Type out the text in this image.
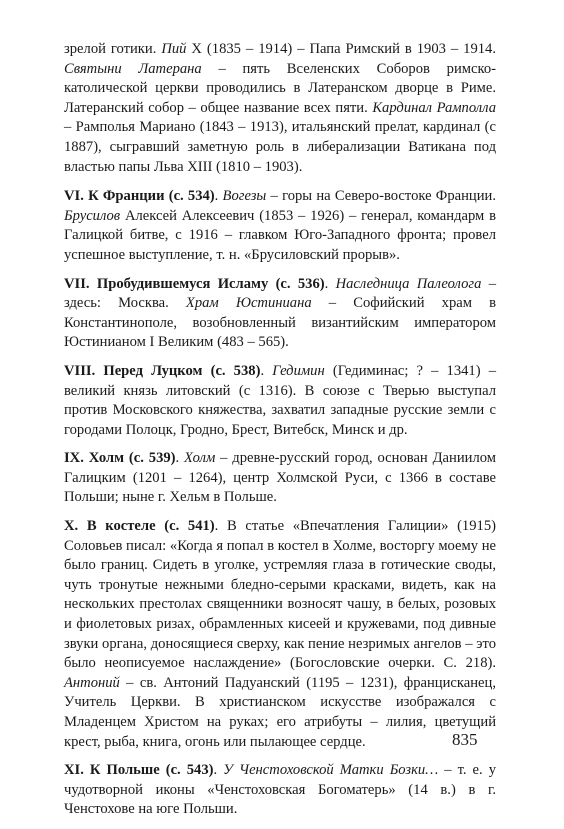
зрелой готики. Пий X (1835 – 1914) – Папа Римский в 1903 – 1914. Святыни Латерана – пять Вселенских Соборов римско-католической церкви проводились в Латеранском дворце в Риме. Латеранский собор – общее название всех пяти. Кардинал Рамполла – Рамполья Мариано (1843 – 1913), итальянский прелат, кардинал (с 1887), сыгравший заметную роль в либерализации Ватикана под властью папы Льва XIII (1810 – 1903).

VI. К Франции (с. 534). Вогезы – горы на Северо-востоке Франции. Брусилов Алексей Алексеевич (1853 – 1926) – генерал, командарм в Галицкой битве, с 1916 – главком Юго-Западного фронта; провел успешное выступление, т. н. «Брусиловский прорыв».

VII. Пробудившемуся Исламу (с. 536). Наследница Палеолога – здесь: Москва. Храм Юстиниана – Софийский храм в Константинополе, возобновленный византийским императором Юстинианом I Великим (483 – 565).

VIII. Перед Луцком (с. 538). Гедимин (Гедиминас; ? – 1341) – великий князь литовский (с 1316). В союзе с Тверью выступал против Московского княжества, захватил западные русские земли с городами Полоцк, Гродно, Брест, Витебск, Минск и др.

IX. Холм (с. 539). Холм – древне-русский город, основан Даниилом Галицким (1201 – 1264), центр Холмской Руси, с 1366 в составе Польши; ныне г. Хельм в Польше.

X. В костеле (с. 541). В статье «Впечатления Галиции» (1915) Соловьев писал: «Когда я попал в костел в Холме, восторгу моему не было границ. Сидеть в уголке, устремляя глаза в готические своды, чуть тронутые нежными бледно-серыми красками, видеть, как на нескольких престолах священники возносят чашу, в белых, розовых и фиолетовых ризах, обрамленных кисеей и кружевами, под дивные звуки органа, доносящиеся сверху, как пение незримых ангелов – это было неописуемое наслаждение» (Богословские очерки. С. 218). Антоний – св. Антоний Падуанский (1195 – 1231), францисканец, Учитель Церкви. В христианском искусстве изображался с Младенцем Христом на руках; его атрибуты – лилия, цветущий крест, рыба, книга, огонь или пылающее сердце.

XI. К Польше (с. 543). У Ченстоховской Матки Бозки… – т. е. у чудотворной иконы «Ченстоховская Богоматерь» (14 в.) в г. Ченстохове на юге Польши.

835
